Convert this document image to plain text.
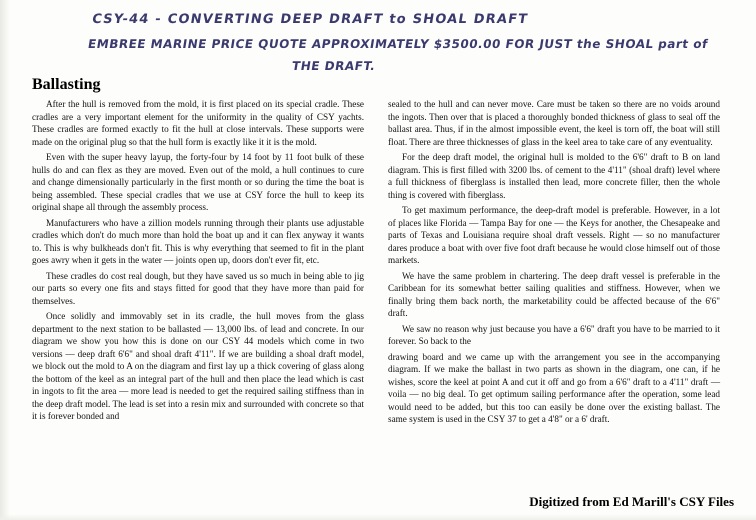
CSY-44 - CONVERTING DEEP DRAFT to SHOAL DRAFT
EMBREE MARINE PRICE QUOTE APPROXIMATELY $3500.00 FOR JUST the SHOAL part of
THE DRAFT.
Ballasting

After the hull is removed from the mold, it is first placed on its special cradle. These cradles are a very important element for the uniformity in the quality of CSY yachts. These cradles are formed exactly to fit the hull at close intervals. These supports were made on the original plug so that the hull form is exactly like it it is the mold.

Even with the super heavy layup, the forty-four by 14 foot by 11 foot bulk of these hulls do and can flex as they are moved. Even out of the mold, a hull continues to cure and change dimensionally particularly in the first month or so during the time the boat is being assembled. These special cradles that we use at CSY force the hull to keep its original shape all through the assembly process.

Manufacturers who have a zillion models running through their plants use adjustable cradles which don't do much more than hold the boat up and it can flex anyway it wants to. This is why bulkheads don't fit. This is why everything that seemed to fit in the plant goes awry when it gets in the water — joints open up, doors don't ever fit, etc.

These cradles do cost real dough, but they have saved us so much in being able to jig our parts so every one fits and stays fitted for good that they have more than paid for themselves.

Once solidly and immovably set in its cradle, the hull moves from the glass department to the next station to be ballasted — 13,000 lbs. of lead and concrete. In our diagram we show you how this is done on our CSY 44 models which come in two versions — deep draft 6'6" and shoal draft 4'11". If we are building a shoal draft model, we block out the mold to A on the diagram and first lay up a thick covering of glass along the bottom of the keel as an integral part of the hull and then place the lead which is cast in ingots to fit the area — more lead is needed to get the required sailing stiffness than in the deep draft model. The lead is set into a resin mix and surrounded with concrete so that it is forever bonded and

sealed to the hull and can never move. Care must be taken so there are no voids around the ingots. Then over that is placed a thoroughly bonded thickness of glass to seal off the ballast area. Thus, if in the almost impossible event, the keel is torn off, the boat will still float. There are three thicknesses of glass in the keel area to take care of any eventuality.

For the deep draft model, the original hull is molded to the 6'6" draft to B on land diagram. This is first filled with 3200 lbs. of cement to the 4'11" (shoal draft) level where a full thickness of fiberglass is installed then lead, more concrete filler, then the whole thing is covered with fiberglass.

To get maximum performance, the deep-draft model is preferable. However, in a lot of places like Florida — Tampa Bay for one — the Keys for another, the Chesapeake and parts of Texas and Louisiana require shoal draft vessels. Right — so no manufacturer dares produce a boat with over five foot draft because he would close himself out of those markets.

We have the same problem in chartering. The deep draft vessel is preferable in the Caribbean for its somewhat better sailing qualities and stiffness. However, when we finally bring them back north, the marketability could be affected because of the 6'6" draft.

We saw no reason why just because you have a 6'6" draft you have to be married to it forever. So back to the

drawing board and we came up with the arrangement you see in the accompanying diagram. If we make the ballast in two parts as shown in the diagram, one can, if he wishes, score the keel at point A and cut it off and go from a 6'6" draft to a 4'11" draft — voila — no big deal. To get optimum sailing performance after the operation, some lead would need to be added, but this too can easily be done over the existing ballast. The same system is used in the CSY 37 to get a 4'8" or a 6' draft.

Digitized from Ed Marill's CSY Files
